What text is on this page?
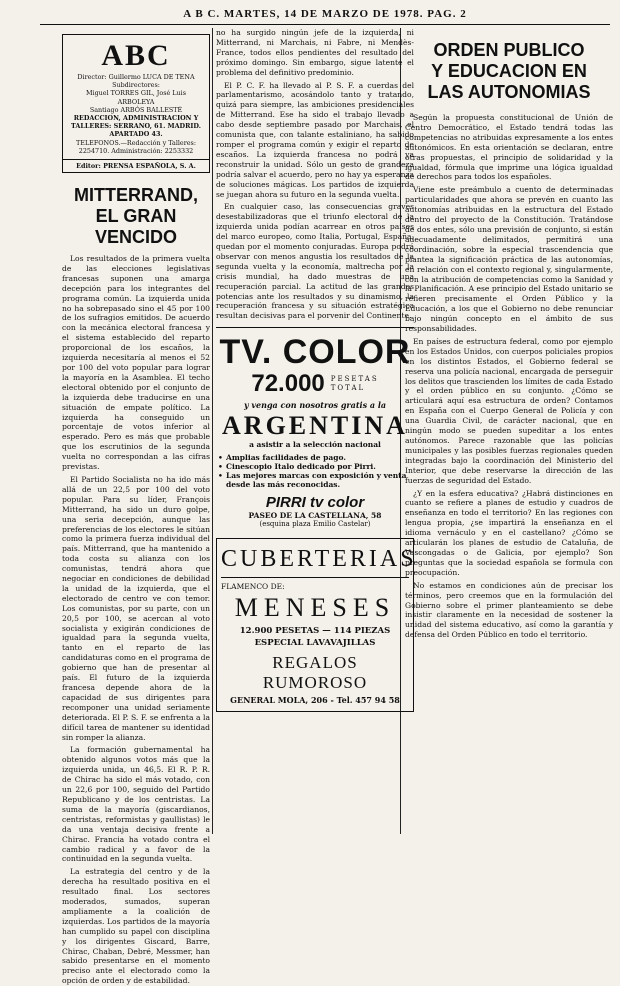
A B C. MARTES, 14 DE MARZO DE 1978. PAG. 2
ABC
Director: Guillermo LUCA DE TENA
Subdirectores:
Miguel TORRES GIL, José Luis ARBOLEYA
Santiago ARBÓS BALLESTÉ
REDACCION, ADMINISTRACION Y TALLERES: SERRANO, 61. MADRID. APARTADO 43.
TELEFONOS.—Redacción y Talleres: 2254710. Administración: 2253332
Editor: PRENSA ESPAÑOLA, S. A.
MITTERRAND,
EL GRAN VENCIDO

Los resultados de la primera vuelta de las elecciones legislativas francesas suponen una amarga decepción para los integrantes del programa común. La izquierda unida no ha sobrepasado sino el 45 por 100 de los sufragios emitidos. De acuerdo con la mecánica electoral francesa y el sistema establecido del reparto proporcional de los escaños, la izquierda necesitaría al menos el 52 por 100 del voto popular para lograr la mayoría en la Asamblea. El techo electoral obtenido por el conjunto de la izquierda debe traducirse en una situación de empate político. La izquierda ha conseguido un porcentaje de votos inferior al esperado. Pero es más que probable que los escrutinios de la segunda vuelta no correspondan a las cifras previstas.

El Partido Socialista no ha ido más allá de un 22,5 por 100 del voto popular. Para su líder, François Mitterrand, ha sido un duro golpe, una seria decepción, aunque las preferencias de los electores le sitúan como la primera fuerza individual del país. Mitterrand, que ha mantenido a toda costa su alianza con los comunistas, tendrá ahora que negociar en condiciones de debilidad la unidad de la izquierda, que el electorado de centro ve con temor. Los comunistas, por su parte, con un 20,5 por 100, se acercan al voto socialista y exigirán condiciones de igualdad para la segunda vuelta, tanto en el reparto de las candidaturas como en el programa de gobierno que han de presentar al país. El futuro de la izquierda francesa depende ahora de la capacidad de sus dirigentes para recomponer una unidad seriamente deteriorada. El P. S. F. se enfrenta a la difícil tarea de mantener su identidad sin romper la alianza.

La formación gubernamental ha obtenido algunos votos más que la izquierda unida, un 46,5. El R. P. R. de Chirac ha sido el más votado, con un 22,6 por 100, seguido del Partido Republicano y de los centristas. La suma de la mayoría (giscardianos, centristas, reformistas y gaullistas) le da una ventaja decisiva frente a Chirac. Francia ha votado contra el cambio radical y a favor de la continuidad en la segunda vuelta.

La estrategia del centro y de la derecha ha resultado positiva en el resultado final. Los sectores moderados, sumados, superan ampliamente a la coalición de izquierdas. Los partidos de la mayoría han cumplido su papel con disciplina y los dirigentes Giscard, Barre, Chirac, Chaban, Debré, Messmer, han sabido presentarse en el momento preciso ante el electorado como la opción de orden y de estabilidad.

no ha surgido ningún jefe de la izquierda, ni Mitterrand, ni Marchais, ni Fabre, ni Mendès-France, todos ellos pendientes del resultado del próximo domingo. Sin embargo, sigue latente el problema del definitivo predominio.

El P. C. F. ha llevado al P. S. F. a cuerdas del parlamentarismo, acosándolo tanto y tratando, quizá para siempre, las ambiciones presidenciales de Mitterrand. Ese ha sido el trabajo llevado a cabo desde septiembre pasado por Marchais, el comunista que, con talante estaliniano, ha sabido romper el programa común y exigir el reparto de escaños. La izquierda francesa no podrá ya reconstruir la unidad. Sólo un gesto de grandeza podría salvar el acuerdo, pero no hay ya esperanza de soluciones mágicas. Los partidos de izquierda se juegan ahora su futuro en la segunda vuelta.

En cualquier caso, las consecuencias graves desestabilizadoras que el triunfo electoral de la izquierda unida podían acarrear en otros países del marco europeo, como Italia, Portugal, España, quedan por el momento conjuradas. Europa podrá observar con menos angustia los resultados de la segunda vuelta y la economía, maltrecha por la crisis mundial, ha dado muestras de una recuperación parcial. La actitud de las grandes potencias ante los resultados y su dinamismo, la recuperación francesa y su situación estratégica resultan decisivas para el porvenir del Continente.

TV. COLOR
72.000 PESETAS
TOTAL
y venga con nosotros gratis a la
ARGENTINA
a asistir a la selección nacional

• Amplias facilidades de pago.

• Cinescopio Italo dedicado por Pirri.

• Las mejores marcas con exposición y venta desde las más reconocidas.

PIRRI tv color
PASEO DE LA CASTELLANA, 58
(esquina plaza Emilio Castelar)
CUBERTERIAS
FLAMENCO DE:
MENESES
12.900 PESETAS — 114 PIEZAS
ESPECIAL LAVAVAJILLAS
REGALOS RUMOROSO
GENERAL MOLA, 206 - Tel. 457 94 58
ORDEN PUBLICO
Y EDUCACION EN
LAS AUTONOMIAS

Según la propuesta constitucional de Unión de Centro Democrático, el Estado tendrá todas las competencias no atribuidas expresamente a los entes autonómicos. En esta orientación se declaran, entre otras propuestas, el principio de solidaridad y la igualdad, fórmula que imprime una lógica igualdad de derechos para todos los españoles.

Viene este preámbulo a cuento de determinadas particularidades que ahora se prevén en cuanto las autonomías atribuidas en la estructura del Estado dentro del proyecto de la Constitución. Tratándose de dos entes, sólo una previsión de conjunto, si están adecuadamente delimitados, permitirá una coordinación, sobre la especial trascendencia que plantea la significación práctica de las autonomías, en relación con el contexto regional y, singularmente, con la atribución de competencias como la Sanidad y la Planificación. A ese principio del Estado unitario se refieren precisamente el Orden Público y la Educación, a los que el Gobierno no debe renunciar bajo ningún concepto en el ámbito de sus responsabilidades.

En países de estructura federal, como por ejemplo en los Estados Unidos, con cuerpos policiales propios en los distintos Estados, el Gobierno federal se reserva una policía nacional, encargada de perseguir los delitos que trascienden los límites de cada Estado y el orden público en su conjunto. ¿Cómo se articulará aquí esa estructura de orden? Contamos en España con el Cuerpo General de Policía y con una Guardia Civil, de carácter nacional, que en ningún modo se pueden supeditar a los entes autónomos. Parece razonable que las policías municipales y las posibles fuerzas regionales queden integradas bajo la coordinación del Ministerio del Interior, que debe reservarse la dirección de las fuerzas de seguridad del Estado.

¿Y en la esfera educativa? ¿Habrá distinciones en cuanto se refiere a planes de estudio y cuadros de enseñanza en todo el territorio? En las regiones con lengua propia, ¿se impartirá la enseñanza en el idioma vernáculo y en el castellano? ¿Cómo se articularán los planes de estudio de Cataluña, de Vascongadas o de Galicia, por ejemplo? Son preguntas que la sociedad española se formula con preocupación.

No estamos en condiciones aún de precisar los términos, pero creemos que en la formulación del Gobierno sobre el primer planteamiento se debe insistir claramente en la necesidad de sostener la unidad del sistema educativo, así como la garantía y defensa del Orden Público en todo el territorio.
